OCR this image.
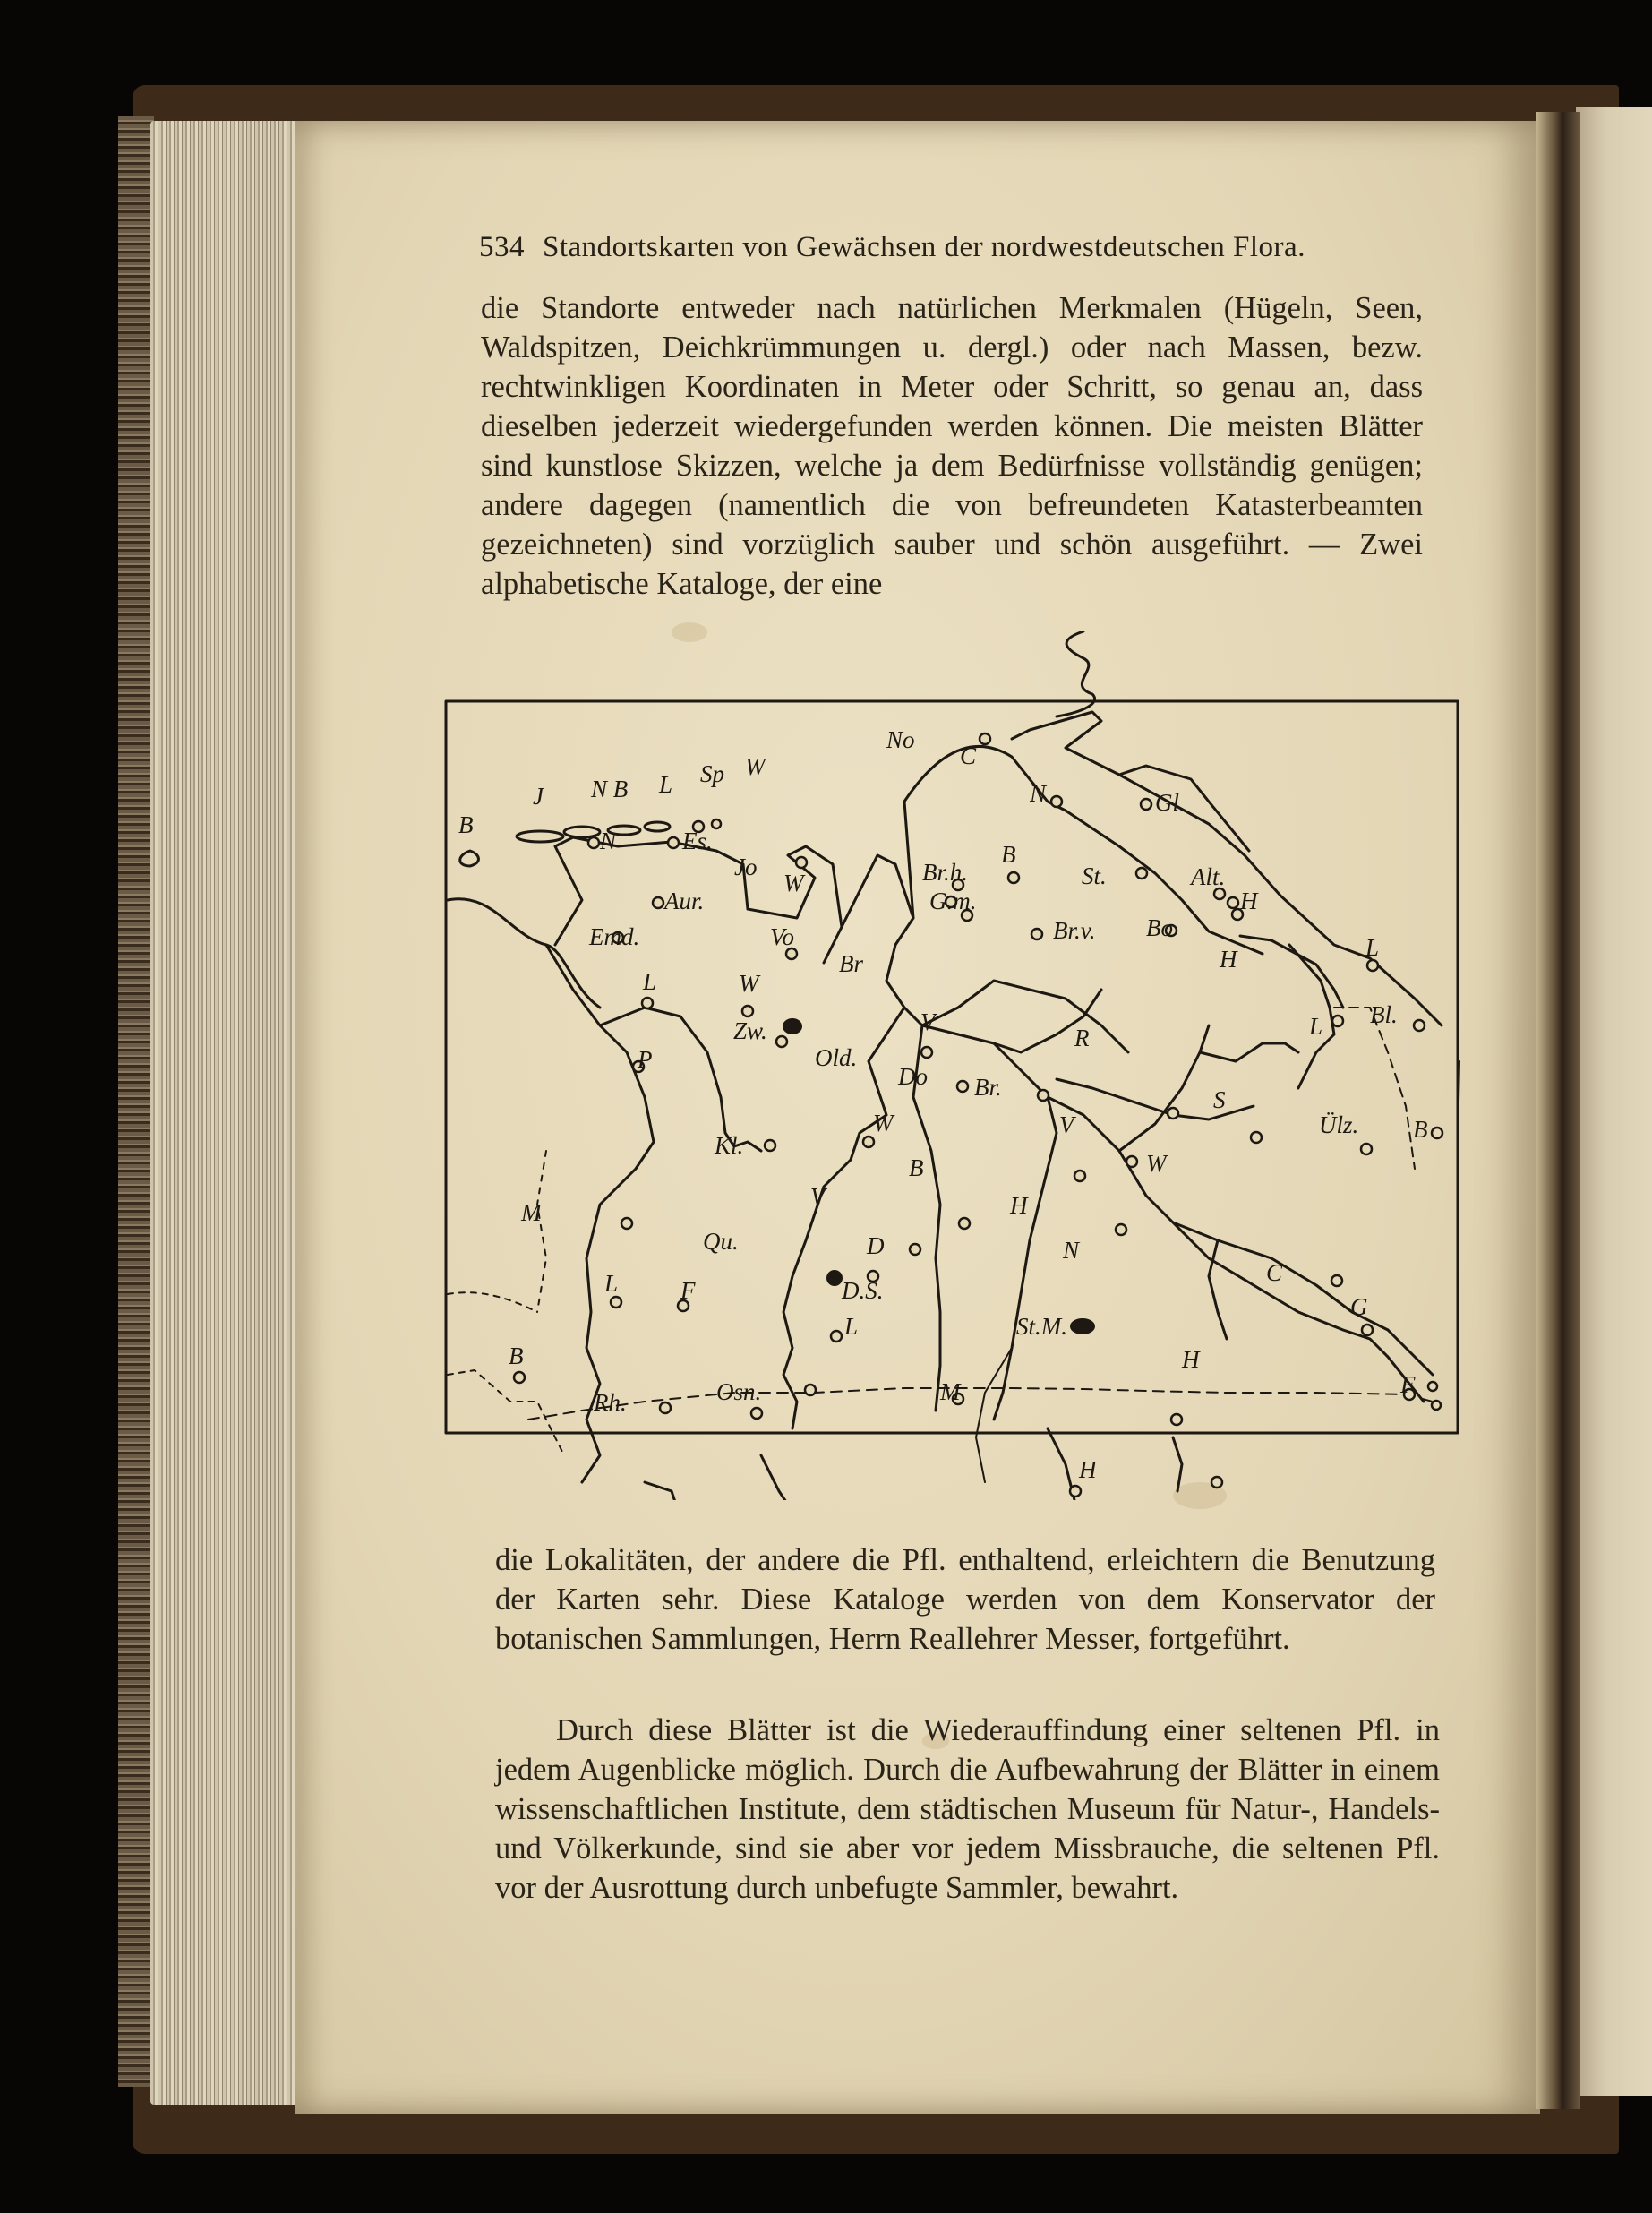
534 Standortskarten von Gewächsen der nordwestdeutschen Flora.
die Standorte entweder nach natürlichen Merkmalen (Hügeln, Seen, Waldspitzen, Deichkrümmungen u. dergl.) oder nach Massen, bezw. rechtwinkligen Koordinaten in Meter oder Schritt, so genau an, dass dieselben jederzeit wiedergefunden werden können. Die meisten Blätter sind kunstlose Skizzen, welche ja dem Bedürfnisse vollständig genügen; andere dagegen (namentlich die von befreundeten Katasterbeamten gezeichneten) sind vorzüglich sauber und schön ausgeführt. — Zwei alphabetische Kataloge, der eine
No
J N B L Sp W
B
C
N	Gl.
N	Es.
Jo
W
Aur.
Emd.	Vo
Br.h.
G.m.
B
St.	Alt.
H
Br.v. Bo
H	L
Br
L	W
Zw.
P
V
R	L Bl.
Old.
Do Br.	S
Ülz. B
W
B
V
W
Kl.
H
M
V
Qu.	D	N
C
L	F	D.S.
G
L	St.M.
B	H
F
Rh.	Osn.	M
H
die Lokalitäten, der andere die Pfl. enthaltend, erleichtern die Benutzung der Karten sehr. Diese Kataloge werden von dem Konservator der botanischen Sammlungen, Herrn Reallehrer Messer, fortgeführt.
Durch diese Blätter ist die Wiederauffindung einer seltenen Pfl. in jedem Augenblicke möglich. Durch die Aufbewahrung der Blätter in einem wissenschaftlichen Institute, dem städtischen Museum für Natur-, Handels- und Völkerkunde, sind sie aber vor jedem Missbrauche, die seltenen Pfl. vor der Ausrottung durch unbefugte Sammler, bewahrt.
